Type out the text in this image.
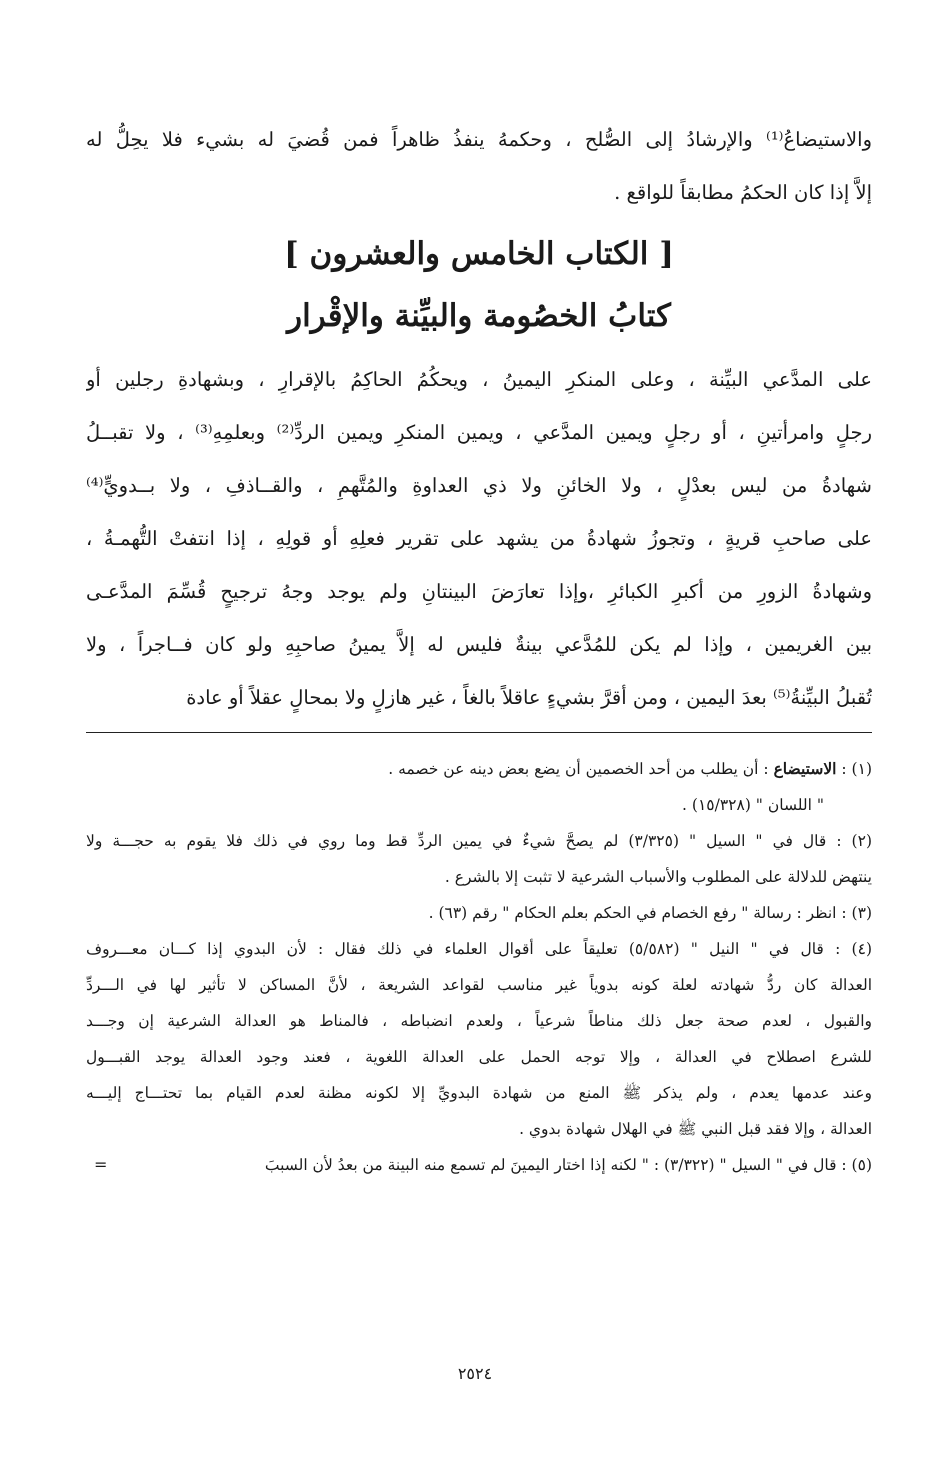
والاستيضاعُ⁽¹⁾ والإرشادُ إلى الصُّلح ، وحكمهُ ينفذُ ظاهراً فمن قُضيَ له بشيء فلا يحِلُّ له
إلاَّ إذا كان الحكمُ مطابقاً للواقع .
[ الكتاب الخامس والعشرون ]
كتابُ الخصُومة والبيِّنة والإقْرار
على المدَّعي البيِّنة ، وعلى المنكرِ اليمينُ ، ويحكُمُ الحاكِمُ بالإقرارِ ، وبشهادةِ رجلين أو
رجلٍ وامرأتينِ ، أو رجلٍ ويمين المدَّعي ، ويمين المنكرِ ويمين الردِّ⁽²⁾ وبعلمِهِ⁽³⁾ ، ولا تقبــلُ
شهادةُ من ليس بعدْلٍ ، ولا الخائنِ ولا ذي العداوةِ والمُتَّهمِ ، والقــاذفِ ، ولا بــدويٍّ⁽⁴⁾
على صاحبِ قريةٍ ، وتجوزُ شهادةُ من يشهد على تقرير فعلِهِ أو قولِهِ ، إذا انتفتْ التُّهمـةُ ،
وشهادةُ الزورِ من أكبرِ الكبائرِ ،وإذا تعارَضَ البينتانِ ولم يوجد وجهُ ترجيحٍ قُسِّمَ المدَّعـى
بين الغريمين ، وإذا لم يكن للمُدَّعي بينةٌ فليس له إلاَّ يمينُ صاحبِهِ ولو كان فــاجراً ، ولا
تُقبلُ البيِّنةُ⁽⁵⁾ بعدَ اليمين ، ومن أقرَّ بشيءٍ عاقلاً بالغاً ، غير هازلٍ ولا بمحالٍ عقلاً أو عادة
(١) : الاستيضاع : أن يطلب من أحد الخصمين أن يضع بعض دينه عن خصمه .
" اللسان " (١٥/٣٢٨) .
(٢) : قال في " السيل " (٣/٣٢٥) لم يصحَّ شيءٌ في يمين الردِّ قط وما روي في ذلك فلا يقوم به حجـــة ولا
ينتهض للدلالة على المطلوب والأسباب الشرعية لا تثبت إلا بالشرع .
(٣) : انظر : رسالة " رفع الخصام في الحكم بعلم الحكام " رقم (٦٣) .
(٤) : قال في " النيل " (٥/٥٨٢) تعليقاً على أقوال العلماء في ذلك فقال : لأن البدوي إذا كـــان معـــروف
العدالة كان ردُّ شهادته لعلة كونه بدوياً غير مناسب لقواعد الشريعة ، لأنَّ المساكن لا تأثير لها في الـــردِّ
والقبول ، لعدم صحة جعل ذلك مناطاً شرعياً ، ولعدم انضباطه ، فالمناط هو العدالة الشرعية إن وجـــد
للشرع اصطلاح في العدالة ، وإلا توجه الحمل على العدالة اللغوية ، فعند وجود العدالة يوجد القبـــول
وعند عدمها يعدم ، ولم يذكر ﷺ المنع من شهادة البدويِّ إلا لكونه مظنة لعدم القيام بما تحتـــاج إليـــه
العدالة ، وإلا فقد قبل النبي ﷺ في الهلال شهادة بدوي .
(٥) : قال في " السيل " (٣/٣٢٢) : " لكنه إذا اختار اليمينَ لم تسمع منه البينة من بعدُ لأن السببَ
=
٢٥٢٤
